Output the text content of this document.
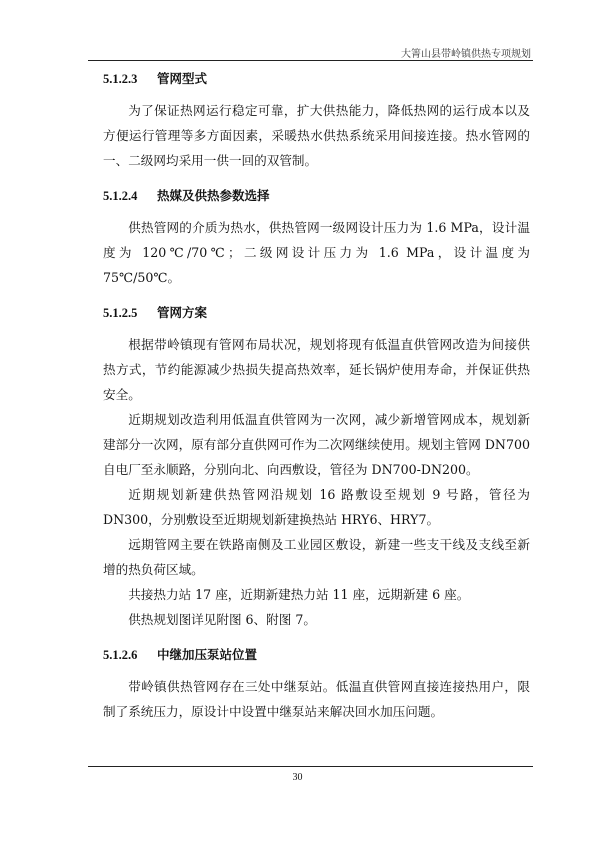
大箐山县带岭镇供热专项规划

5.1.2.3 管网型式

为了保证热网运行稳定可靠，扩大供热能力，降低热网的运行成本以及方便运行管理等多方面因素，采暖热水供热系统采用间接连接。热水管网的一、二级网均采用一供一回的双管制。

5.1.2.4 热媒及供热参数选择

供热管网的介质为热水，供热管网一级网设计压力为 1.6 MPa，设计温度为 120℃/70℃；二级网设计压力为 1.6 MPa，设计温度为 75℃/50℃。

5.1.2.5 管网方案

根据带岭镇现有管网布局状况，规划将现有低温直供管网改造为间接供热方式，节约能源减少热损失提高热效率，延长锅炉使用寿命，并保证供热安全。

近期规划改造利用低温直供管网为一次网，减少新增管网成本，规划新建部分一次网，原有部分直供网可作为二次网继续使用。规划主管网 DN700 自电厂至永顺路，分别向北、向西敷设，管径为 DN700-DN200。

近期规划新建供热管网沿规划 16 路敷设至规划 9 号路，管径为 DN300，分别敷设至近期规划新建换热站 HRY6、HRY7。

远期管网主要在铁路南侧及工业园区敷设，新建一些支干线及支线至新增的热负荷区域。

共接热力站 17 座，近期新建热力站 11 座，远期新建 6 座。

供热规划图详见附图 6、附图 7。

5.1.2.6 中继加压泵站位置

带岭镇供热管网存在三处中继泵站。低温直供管网直接连接热用户，限制了系统压力，原设计中设置中继泵站来解决回水加压问题。

30
